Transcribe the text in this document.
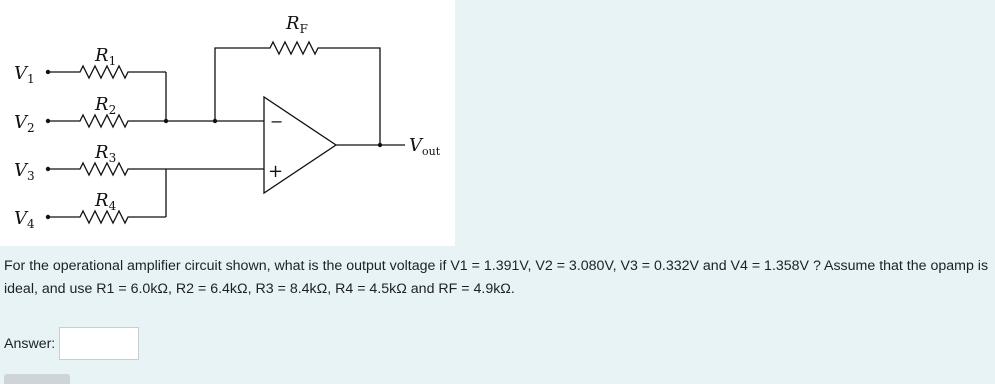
$V_1$
$V_2$
$V_3$
$V_4$
$R_1$
$R_2$
$R_3$
$R_4$
$R_F$
−
+
$V_{out}$
For the operational amplifier circuit shown, what is the output voltage if V1 = 1.391V, V2 = 3.080V, V3 = 0.332V and V4 = 1.358V ? Assume that the opamp is ideal, and use R1 = 6.0kΩ, R2 = 6.4kΩ, R3 = 8.4kΩ, R4 = 4.5kΩ and RF = 4.9kΩ.
Answer:
